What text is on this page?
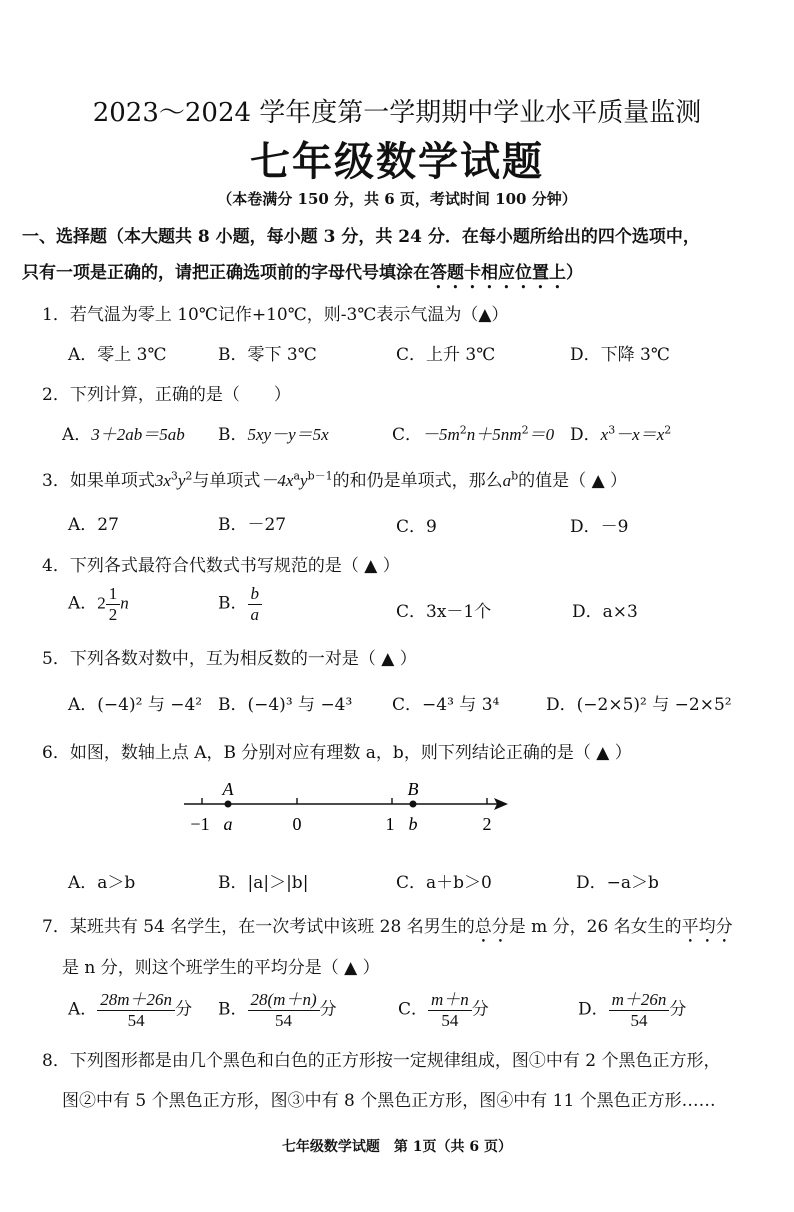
2023～2024 学年度第一学期期中学业水平质量监测
七年级数学试题
（本卷满分 150 分，共 6 页，考试时间 100 分钟）
一、选择题（本大题共 8 小题，每小题 3 分，共 24 分．在每小题所给出的四个选项中，
只有一项是正确的，请把正确选项前的字母代号填涂在答题卡相应位置上）
1．若气温为零上 10℃记作+10℃，则-3℃表示气温为（▲）
A．零上 3℃	B．零下 3℃	C．上升 3℃	D．下降 3℃
2．下列计算，正确的是（　　）
A．3＋2ab＝5ab B．5xy－y＝5x	C．$-5m^2n+5nm^2=0$ D．$x^3-x=x^2$
3．如果单项式$3x^3y^2$与单项式$-4x^ay^{b-1}$的和仍是单项式，那么$a^b$的值是（ ▲ ）
A．27	B．－27	C．9	D．－9
4．下列各式最符合代数式书写规范的是（ ▲ ）
A．$2 \frac{1}{2}$ n	B． $\frac{b}{a}$	C．3x－1个	D．a×3
5．下列各数对数中，互为相反数的一对是（ ▲ ）
A．(−4)² 与 −4² B．(−4)³ 与 −4³ C．−4³ 与 3⁴	D．(−2×5)² 与 −2×5²
6．如图，数轴上点 A，B 分别对应有理数 a，b，则下列结论正确的是（ ▲ ）
A	B
−1	0	1	2
a	b
A．a＞b	B．|a|＞|b|	C．a＋b＞0	D．−a＞b
7．某班共有 54 名学生，在一次考试中该班 28 名男生的总分是 m 分，26 名女生的平均分
是 n 分，则这个班学生的平均分是（ ▲ ）
A． $\frac{28m+26n}{54}$ 分 B． $\frac{28(m+n)}{54}$ 分	C． $\frac{m+n}{54}$ 分	D． $\frac{m+26n}{54}$ 分
8．下列图形都是由几个黑色和白色的正方形按一定规律组成，图①中有 2 个黑色正方形，
图②中有 5 个黑色正方形，图③中有 8 个黑色正方形，图④中有 11 个黑色正方形……
七年级数学试题　第 1页（共 6 页）
